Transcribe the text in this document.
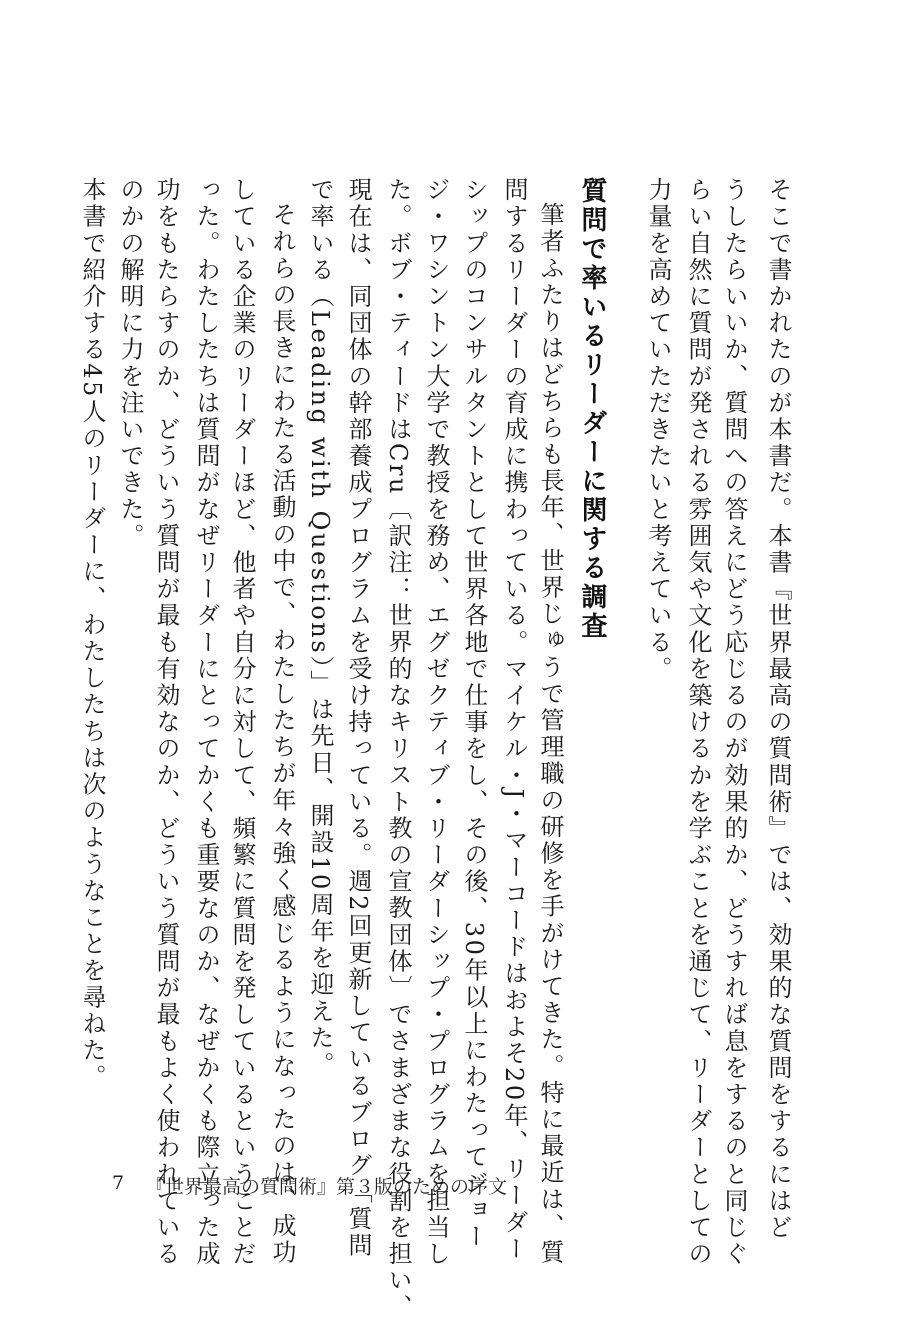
そこで書かれたのが本書だ。本書『世界最高の質問術』では、効果的な質問をするにはど

うしたらいいか、質問への答えにどう応じるのが効果的か、どうすれば息をするのと同じぐ

らい自然に質問が発される雰囲気や文化を築けるかを学ぶことを通じて、リーダーとしての

力量を高めていただきたいと考えている。

質問で率いるリーダーに関する調査

筆者ふたりはどちらも長年、世界じゅうで管理職の研修を手がけてきた。特に最近は、質

問するリーダーの育成に携わっている。マイケル・J・マーコードはおよそ20年、リーダー

シップのコンサルタントとして世界各地で仕事をし、その後、30年以上にわたってジョー

ジ・ワシントン大学で教授を務め、エグゼクティブ・リーダーシップ・プログラムを担当し

た。ボブ・ティードはCru〔訳注：世界的なキリスト教の宣教団体〕でさまざまな役割を担い、

現在は、同団体の幹部養成プログラムを受け持っている。週2回更新しているブログ「質問

で率いる（Leading with Questions）」は先日、開設10周年を迎えた。

それらの長きにわたる活動の中で、わたしたちが年々強く感じるようになったのは、成功

している企業のリーダーほど、他者や自分に対して、頻繁に質問を発しているということだ

った。わたしたちは質問がなぜリーダーにとってかくも重要なのか、なぜかくも際立った成

功をもたらすのか、どういう質問が最も有効なのか、どういう質問が最もよく使われている

のかの解明に力を注いできた。

本書で紹介する45人のリーダーに、わたしたちは次のようなことを尋ねた。

7 『世界最高の質問術』第３版のための序文
